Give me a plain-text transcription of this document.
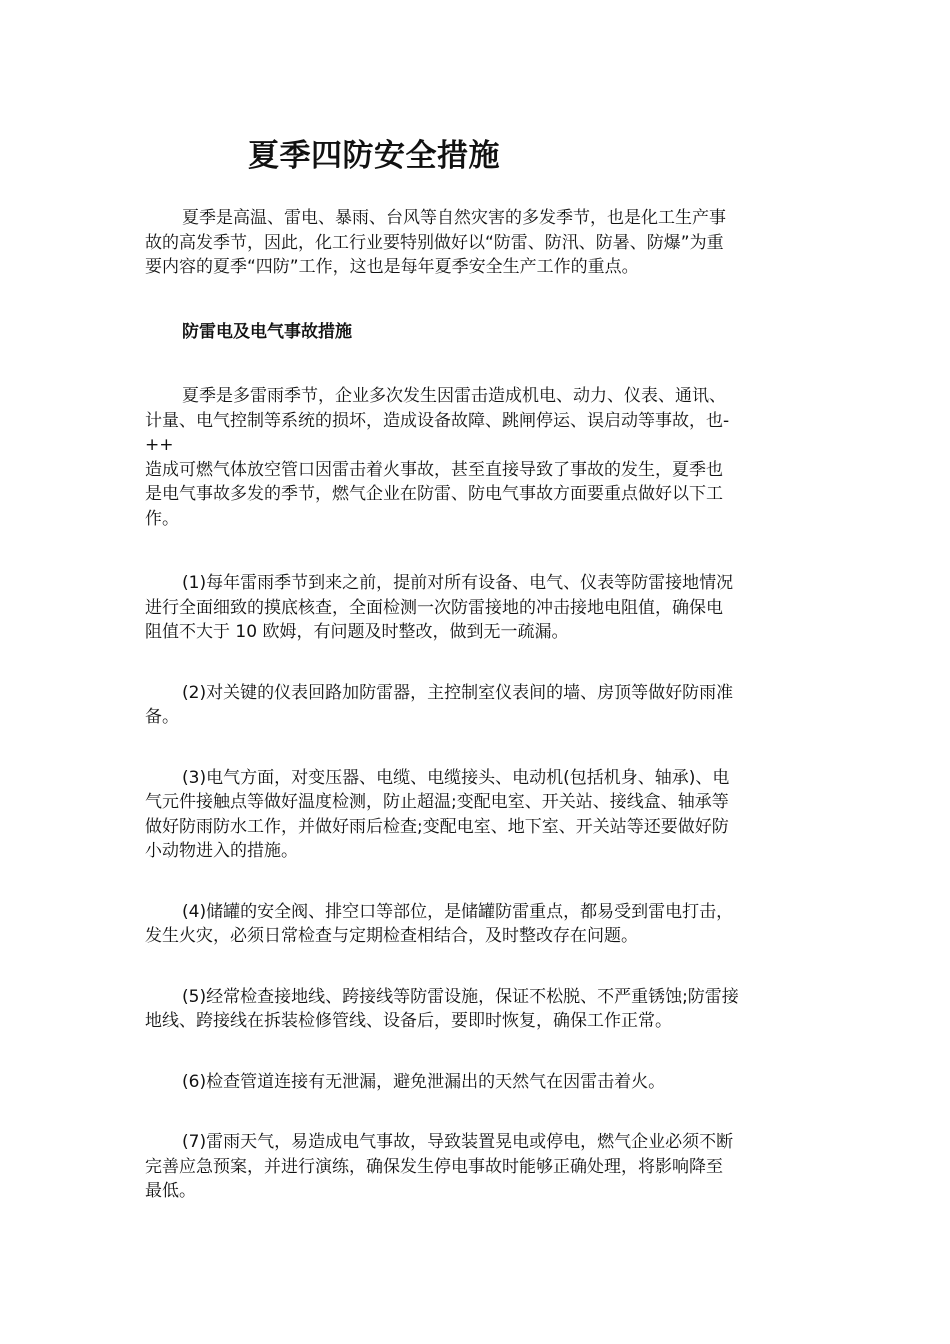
夏季四防安全措施
夏季是高温、雷电、暴雨、台风等自然灾害的多发季节，也是化工生产事
故的高发季节，因此，化工行业要特别做好以“防雷、防汛、防暑、防爆”为重
要内容的夏季“四防”工作，这也是每年夏季安全生产工作的重点。
防雷电及电气事故措施
夏季是多雷雨季节，企业多次发生因雷击造成机电、动力、仪表、通讯、
计量、电气控制等系统的损坏，造成设备故障、跳闸停运、误启动等事故，也-
++
造成可燃气体放空管口因雷击着火事故，甚至直接导致了事故的发生，夏季也
是电气事故多发的季节，燃气企业在防雷、防电气事故方面要重点做好以下工
作。
(1)每年雷雨季节到来之前，提前对所有设备、电气、仪表等防雷接地情况
进行全面细致的摸底核查，全面检测一次防雷接地的冲击接地电阻值，确保电
阻值不大于 10 欧姆，有问题及时整改，做到无一疏漏。
(2)对关键的仪表回路加防雷器，主控制室仪表间的墙、房顶等做好防雨准
备。
(3)电气方面，对变压器、电缆、电缆接头、电动机(包括机身、轴承)、电
气元件接触点等做好温度检测，防止超温;变配电室、开关站、接线盒、轴承等
做好防雨防水工作，并做好雨后检查;变配电室、地下室、开关站等还要做好防
小动物进入的措施。
(4)储罐的安全阀、排空口等部位，是储罐防雷重点，都易受到雷电打击，
发生火灾，必须日常检查与定期检查相结合，及时整改存在问题。
(5)经常检查接地线、跨接线等防雷设施，保证不松脱、不严重锈蚀;防雷接
地线、跨接线在拆装检修管线、设备后，要即时恢复，确保工作正常。
(6)检查管道连接有无泄漏，避免泄漏出的天然气在因雷击着火。
(7)雷雨天气，易造成电气事故，导致装置晃电或停电，燃气企业必须不断
完善应急预案，并进行演练，确保发生停电事故时能够正确处理，将影响降至
最低。
